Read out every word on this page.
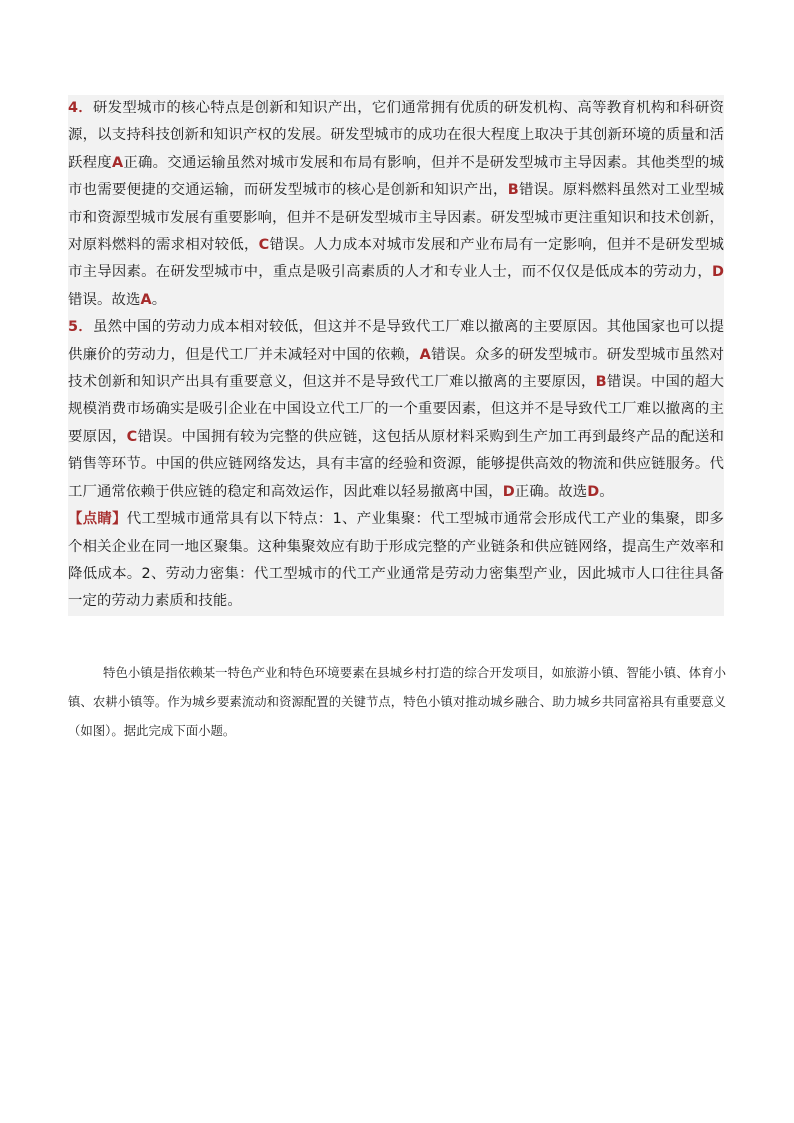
4．研发型城市的核心特点是创新和知识产出，它们通常拥有优质的研发机构、高等教育机构和科研资源，以支持科技创新和知识产权的发展。研发型城市的成功在很大程度上取决于其创新环境的质量和活跃程度A正确。交通运输虽然对城市发展和布局有影响，但并不是研发型城市主导因素。其他类型的城市也需要便捷的交通运输，而研发型城市的核心是创新和知识产出，B错误。原料燃料虽然对工业型城市和资源型城市发展有重要影响，但并不是研发型城市主导因素。研发型城市更注重知识和技术创新，对原料燃料的需求相对较低，C错误。人力成本对城市发展和产业布局有一定影响，但并不是研发型城市主导因素。在研发型城市中，重点是吸引高素质的人才和专业人士，而不仅仅是低成本的劳动力，D错误。故选A。

5．虽然中国的劳动力成本相对较低，但这并不是导致代工厂难以撤离的主要原因。其他国家也可以提供廉价的劳动力，但是代工厂并未减轻对中国的依赖，A错误。众多的研发型城市。研发型城市虽然对技术创新和知识产出具有重要意义，但这并不是导致代工厂难以撤离的主要原因，B错误。中国的超大规模消费市场确实是吸引企业在中国设立代工厂的一个重要因素，但这并不是导致代工厂难以撤离的主要原因，C错误。中国拥有较为完整的供应链，这包括从原材料采购到生产加工再到最终产品的配送和销售等环节。中国的供应链网络发达，具有丰富的经验和资源，能够提供高效的物流和供应链服务。代工厂通常依赖于供应链的稳定和高效运作，因此难以轻易撤离中国，D正确。故选D。

【点睛】代工型城市通常具有以下特点：1、产业集聚：代工型城市通常会形成代工产业的集聚，即多个相关企业在同一地区聚集。这种集聚效应有助于形成完整的产业链条和供应链网络，提高生产效率和降低成本。2、劳动力密集：代工型城市的代工产业通常是劳动力密集型产业，因此城市人口往往具备一定的劳动力素质和技能。

特色小镇是指依赖某一特色产业和特色环境要素在县城乡村打造的综合开发项目，如旅游小镇、智能小镇、体育小镇、农耕小镇等。作为城乡要素流动和资源配置的关键节点，特色小镇对推动城乡融合、助力城乡共同富裕具有重要意义（如图）。据此完成下面小题。
